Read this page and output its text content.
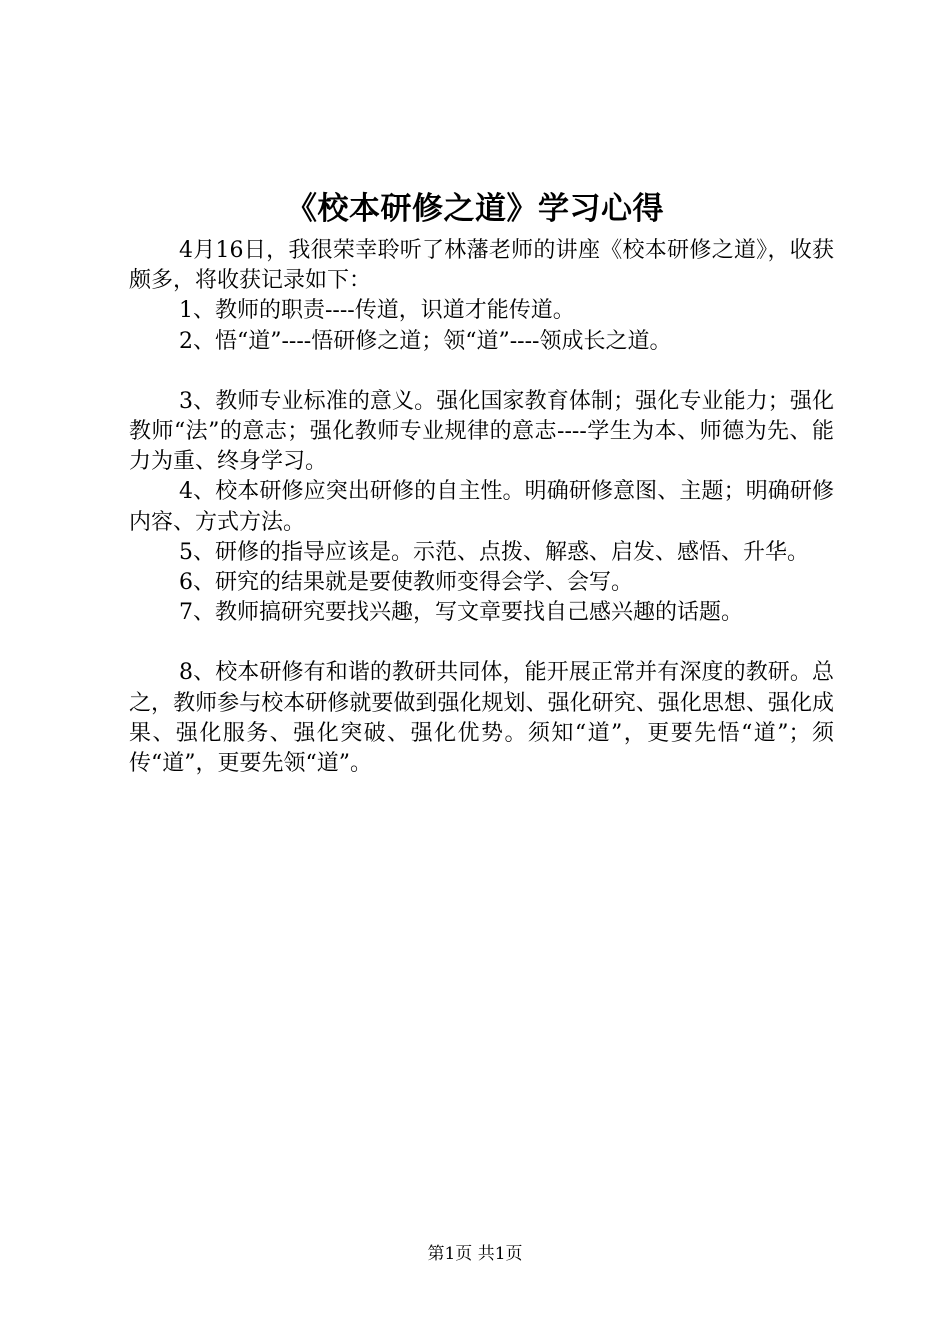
《校本研修之道》学习心得

4月16日，我很荣幸聆听了林藩老师的讲座《校本研修之道》，收获颇多，将收获记录如下：

1、教师的职责----传道，识道才能传道。

2、悟“道”----悟研修之道；领“道”----领成长之道。

3、教师专业标准的意义。强化国家教育体制；强化专业能力；强化教师“法”的意志；强化教师专业规律的意志----学生为本、师德为先、能力为重、终身学习。

4、校本研修应突出研修的自主性。明确研修意图、主题；明确研修内容、方式方法。

5、研修的指导应该是。示范、点拨、解惑、启发、感悟、升华。

6、研究的结果就是要使教师变得会学、会写。

7、教师搞研究要找兴趣，写文章要找自己感兴趣的话题。

8、校本研修有和谐的教研共同体，能开展正常并有深度的教研。总之，教师参与校本研修就要做到强化规划、强化研究、强化思想、强化成果、强化服务、强化突破、强化优势。须知“道”，更要先悟“道”；须传“道”，更要先领“道”。

第1页 共1页
